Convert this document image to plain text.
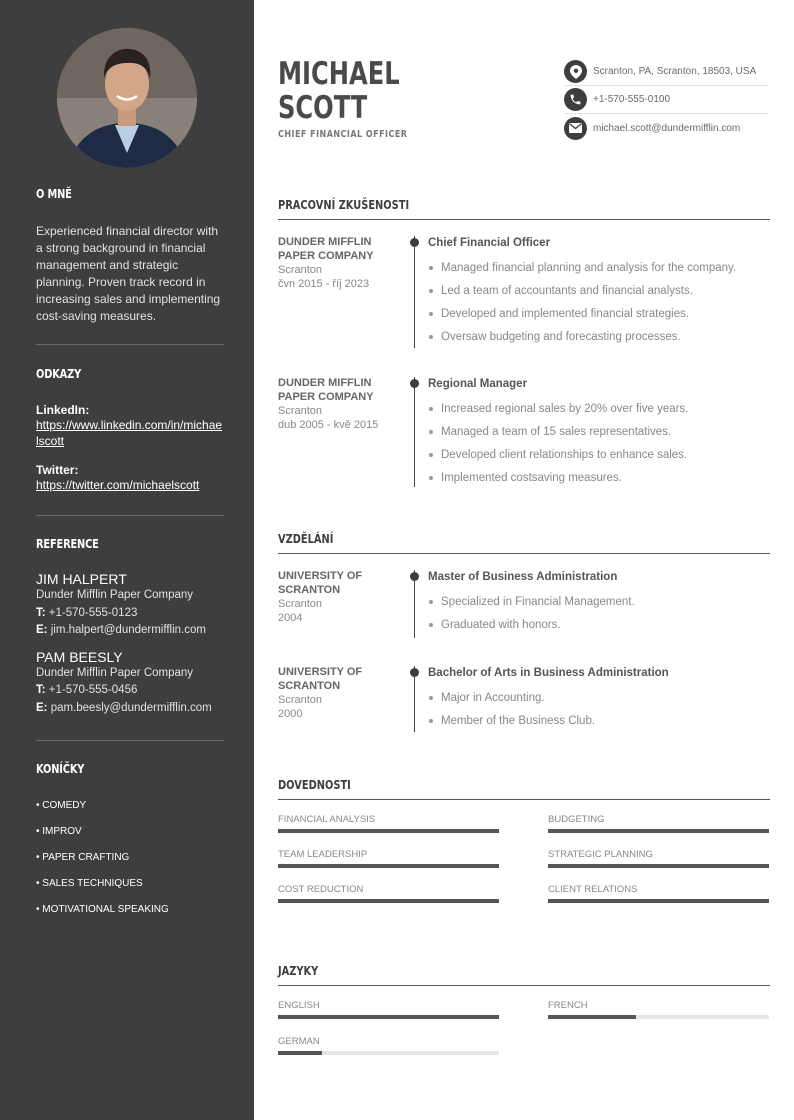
O MNĚ
Experienced financial director with a strong background in financial management and strategic planning. Proven track record in increasing sales and implementing cost-saving measures.
ODKAZY
LinkedIn:
https://www.linkedin.com/in/michaelscott
Twitter:
https://twitter.com/michaelscott
REFERENCE
JIM HALPERT
Dunder Mifflin Paper Company
T: +1-570-555-0123
E: jim.halpert@dundermifflin.com
PAM BEESLY
Dunder Mifflin Paper Company
T: +1-570-555-0456
E: pam.beesly@dundermifflin.com
KONÍČKY
• COMEDY
• IMPROV
• PAPER CRAFTING
• SALES TECHNIQUES
• MOTIVATIONAL SPEAKING
MICHAEL
SCOTT
CHIEF FINANCIAL OFFICER
Scranton, PA, Scranton, 18503, USA
+1-570-555-0100
michael.scott@dundermifflin.com
PRACOVNÍ ZKUŠENOSTI
DUNDER MIFFLIN PAPER COMPANY
Scranton
čvn 2015 - říj 2023
Chief Financial Officer
Managed financial planning and analysis for the company.
Led a team of accountants and financial analysts.
Developed and implemented financial strategies.
Oversaw budgeting and forecasting processes.
DUNDER MIFFLIN PAPER COMPANY
Scranton
dub 2005 - kvě 2015
Regional Manager
Increased regional sales by 20% over five years.
Managed a team of 15 sales representatives.
Developed client relationships to enhance sales.
Implemented costsaving measures.
VZDĚLÁNÍ
UNIVERSITY OF SCRANTON
Scranton
2004
Master of Business Administration
Specialized in Financial Management.
Graduated with honors.
UNIVERSITY OF SCRANTON
Scranton
2000
Bachelor of Arts in Business Administration
Major in Accounting.
Member of the Business Club.
DOVEDNOSTI
FINANCIAL ANALYSIS	BUDGETING
TEAM LEADERSHIP	STRATEGIC PLANNING
COST REDUCTION	CLIENT RELATIONS
JAZYKY
ENGLISH	FRENCH
GERMAN
